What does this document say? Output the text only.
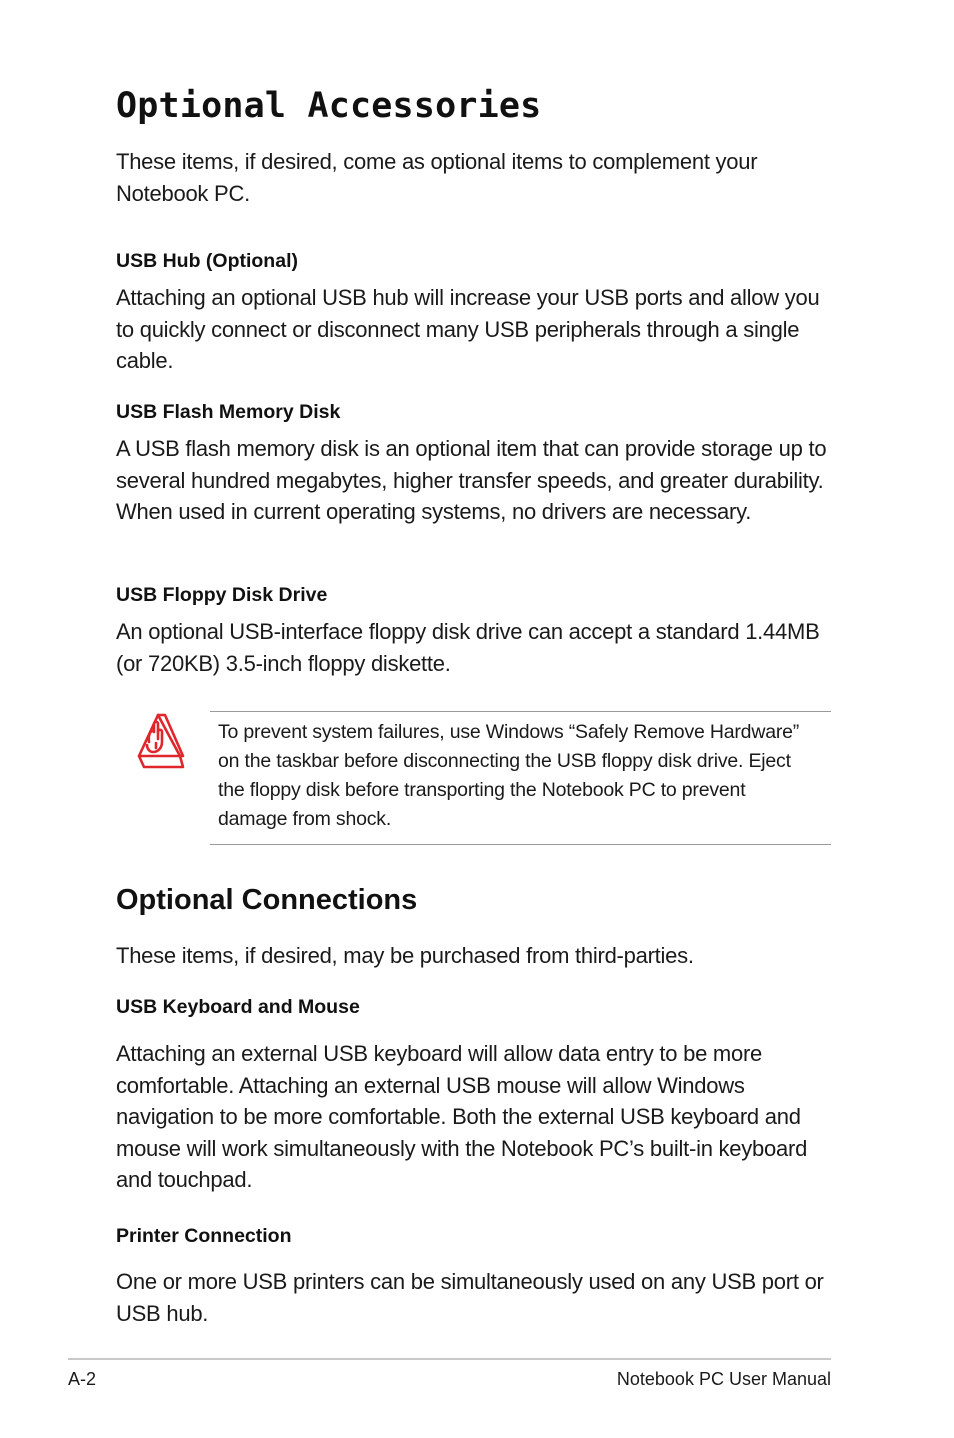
Optional Accessories

These items, if desired, come as optional items to complement your Notebook PC.

USB Hub (Optional)

Attaching an optional USB hub will increase your USB ports and allow you to quickly connect or disconnect many USB peripherals through a single cable.

USB Flash Memory Disk

A USB flash memory disk is an optional item that can provide storage up to several hundred megabytes, higher transfer speeds, and greater durability. When used in current operating systems, no drivers are necessary.

USB Floppy Disk Drive

An optional USB-interface floppy disk drive can accept a standard 1.44MB (or 720KB) 3.5-inch floppy diskette.

To prevent system failures, use Windows “Safely Remove Hardware” on the taskbar before disconnecting the USB floppy disk drive. Eject the floppy disk before transporting the Notebook PC to prevent damage from shock.

Optional Connections

These items, if desired, may be purchased from third-parties.

USB Keyboard and Mouse

Attaching an external USB keyboard will allow data entry to be more comfortable. Attaching an external USB mouse will allow Windows navigation to be more comfortable. Both the external USB keyboard and mouse will work simultaneously with the Notebook PC’s built-in keyboard and touchpad.

Printer Connection

One or more USB printers can be simultaneously used on any USB port or USB hub.

A-2	Notebook PC User Manual
